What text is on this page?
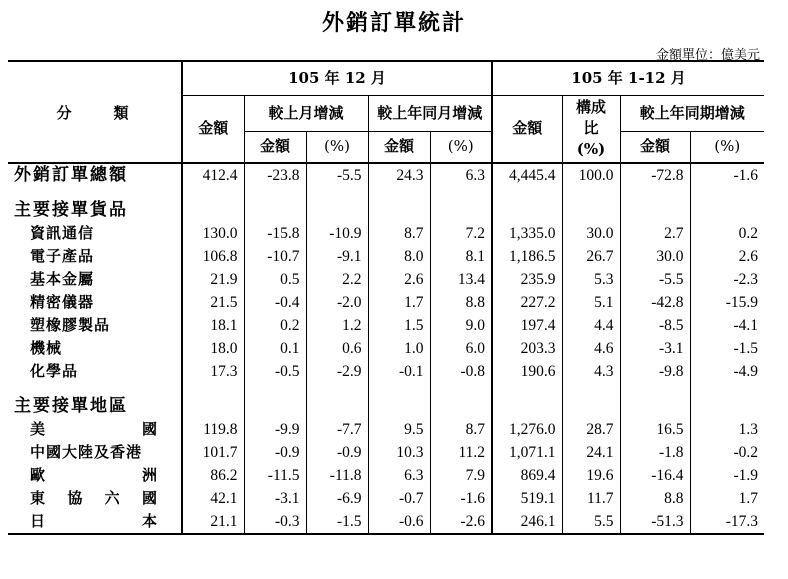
外銷訂單統計
金額單位：億美元
分　　類	105 年 12 月					105 年 1-12 月			
	金額	較上月增減		較上年同月增減		金額	構成比 (%)	較上年同期增減	
		金額	(%)	金額	(%)			金額	(%)
外銷訂單總額	412.4	-23.8	-5.5	24.3	6.3	4,445.4	100.0	-72.8	-1.6

主要接單貨品									
資訊通信	130.0	-15.8	-10.9	8.7	7.2	1,335.0	30.0	2.7	0.2
電子產品	106.8	-10.7	-9.1	8.0	8.1	1,186.5	26.7	30.0	2.6
基本金屬	21.9	0.5	2.2	2.6	13.4	235.9	5.3	-5.5	-2.3
精密儀器	21.5	-0.4	-2.0	1.7	8.8	227.2	5.1	-42.8	-15.9
塑橡膠製品	18.1	0.2	1.2	1.5	9.0	197.4	4.4	-8.5	-4.1
機械	18.0	0.1	0.6	1.0	6.0	203.3	4.6	-3.1	-1.5
化學品	17.3	-0.5	-2.9	-0.1	-0.8	190.6	4.3	-9.8	-4.9

主要接單地區									

美 國	119.8	-9.9	-7.7	9.5	8.7	1,276.0	28.7	16.5	1.3
中國大陸及香港	101.7	-0.9	-0.9	10.3	11.2	1,071.1	24.1	-1.8	-0.2

歐 洲	86.2	-11.5	-11.8	6.3	7.9	869.4	19.6	-16.4	-1.9

東 協 六 國	42.1	-3.1	-6.9	-0.7	-1.6	519.1	11.7	8.8	1.7

日 本	21.1	-0.3	-1.5	-0.6	-2.6	246.1	5.5	-51.3	-17.3
